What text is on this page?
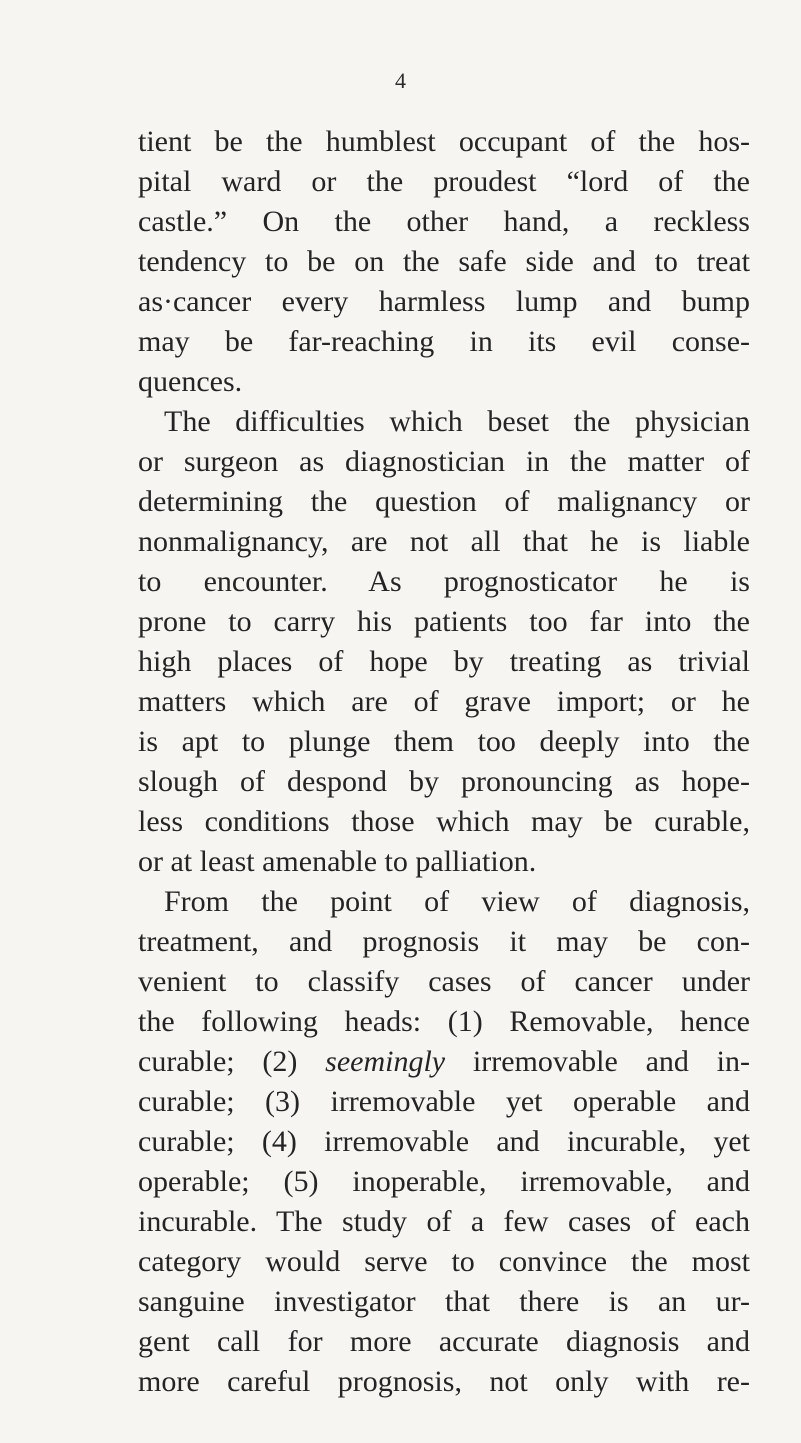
4
tient be the humblest occupant of the hos-
pital ward or the proudest “lord of the
castle.” On the other hand, a reckless
tendency to be on the safe side and to treat
as·cancer every harmless lump and bump
may be far-reaching in its evil conse-
quences.
The difficulties which beset the physician
or surgeon as diagnostician in the matter of
determining the question of malignancy or
nonmalignancy, are not all that he is liable
to encounter. As prognosticator he is
prone to carry his patients too far into the
high places of hope by treating as trivial
matters which are of grave import; or he
is apt to plunge them too deeply into the
slough of despond by pronouncing as hope-
less conditions those which may be curable,
or at least amenable to palliation.
From the point of view of diagnosis,
treatment, and prognosis it may be con-
venient to classify cases of cancer under
the following heads: (1) Removable, hence
curable; (2) seemingly irremovable and in-
curable; (3) irremovable yet operable and
curable; (4) irremovable and incurable, yet
operable; (5) inoperable, irremovable, and
incurable. The study of a few cases of each
category would serve to convince the most
sanguine investigator that there is an ur-
gent call for more accurate diagnosis and
more careful prognosis, not only with re-
